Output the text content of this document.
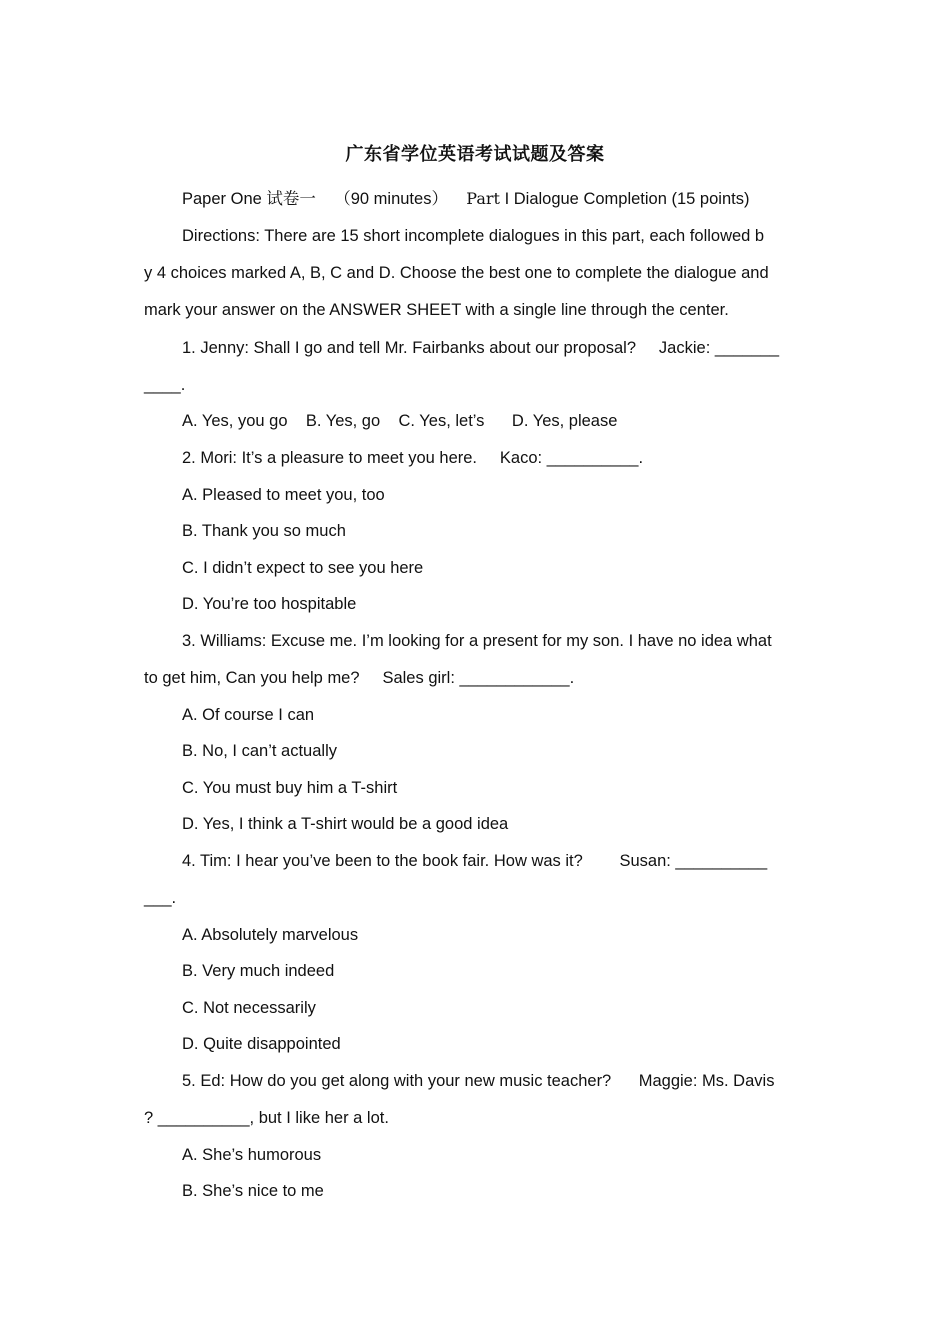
广东省学位英语考试试题及答案
Paper One 试卷一 （90 minutes） Part I Dialogue Completion (15 points)
Directions: There are 15 short incomplete dialogues in this part, each followed b
y 4 choices marked A, B, C and D. Choose the best one to complete the dialogue and
mark your answer on the ANSWER SHEET with a single line through the center.
1. Jenny: Shall I go and tell Mr. Fairbanks about our proposal?     Jackie: _______
____.
A. Yes, you go    B. Yes, go    C. Yes, let’s      D. Yes, please
2. Mori: It’s a pleasure to meet you here.     Kaco: __________.
A. Pleased to meet you, too
B. Thank you so much
C. I didn’t expect to see you here
D. You’re too hospitable
3. Williams: Excuse me. I’m looking for a present for my son. I have no idea what
to get him, Can you help me?     Sales girl: ____________.
A. Of course I can
B. No, I can’t actually
C. You must buy him a T-shirt
D. Yes, I think a T-shirt would be a good idea
4. Tim: I hear you’ve been to the book fair. How was it?        Susan: __________
___.
A. Absolutely marvelous
B. Very much indeed
C. Not necessarily
D. Quite disappointed
5. Ed: How do you get along with your new music teacher?      Maggie: Ms. Davis
? __________, but I like her a lot.
A. She’s humorous
B. She’s nice to me
